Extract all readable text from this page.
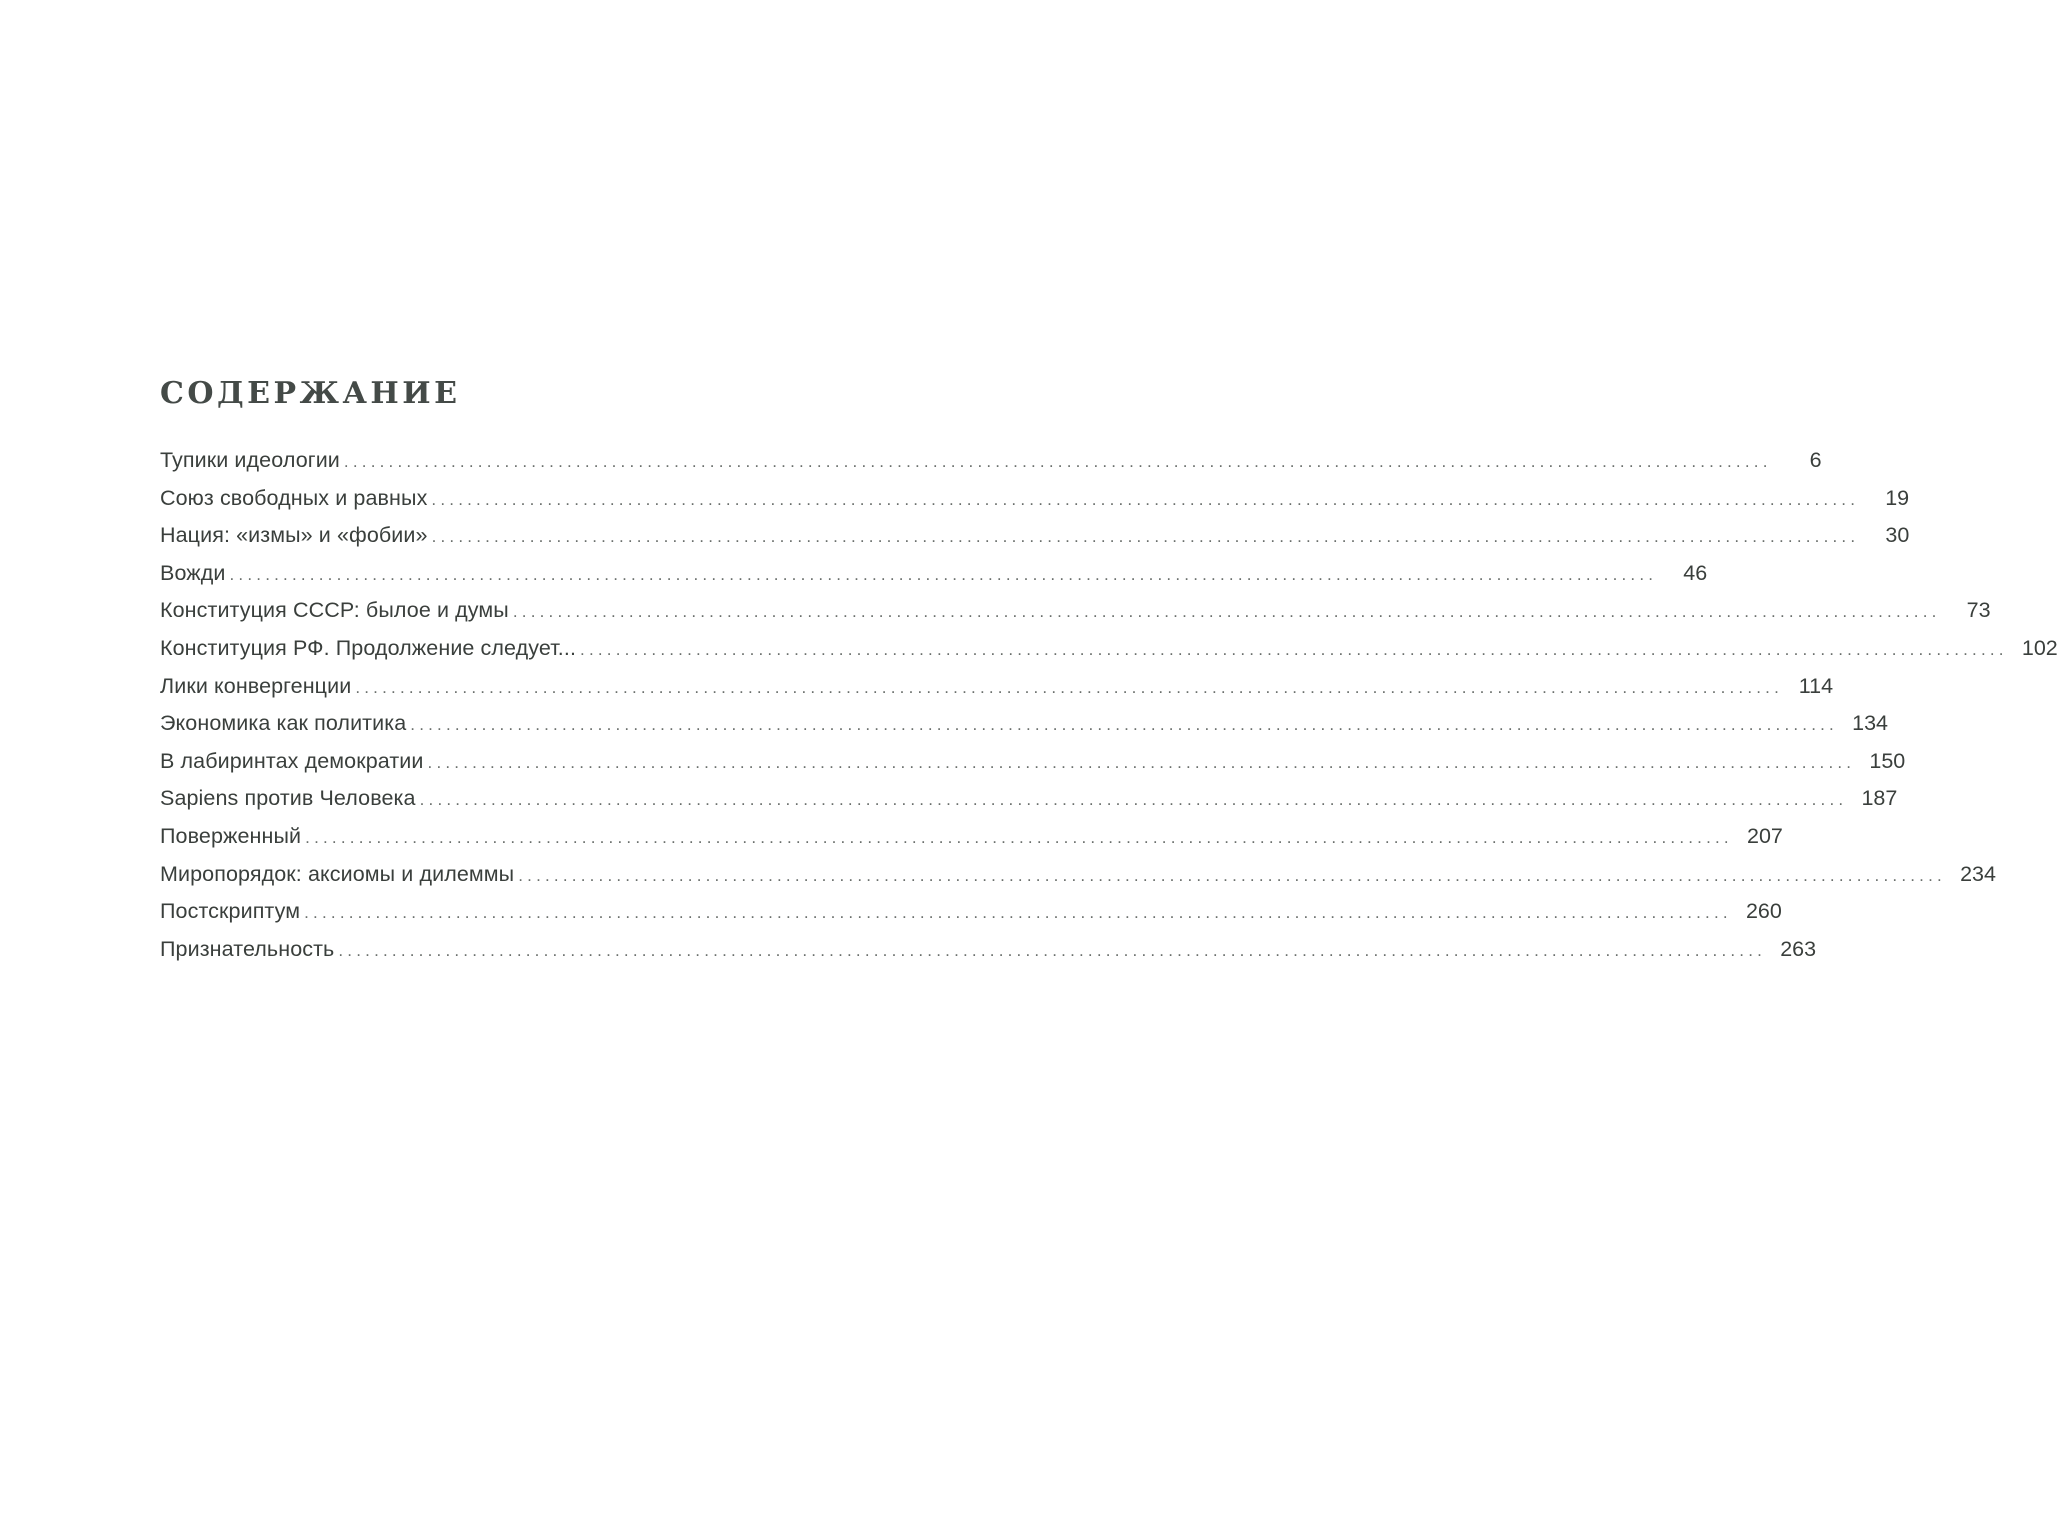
СОДЕРЖАНИЕ
Тупики идеологии ................................................................................................................................................................	6
Союз свободных и равных ................................................................................................................................................................	19
Нация: «измы» и «фобии» ................................................................................................................................................................	30
Вожди ................................................................................................................................................................	46
Конституция СССР: былое и думы ................................................................................................................................................................	73
Конституция РФ. Продолжение следует... ................................................................................................................................................................ 102
Лики конвергенции ................................................................................................................................................................ 114
Экономика как политика ................................................................................................................................................................ 134
В лабиринтах демократии ................................................................................................................................................................ 150
Sapiens против Человека ................................................................................................................................................................ 187
Поверженный ................................................................................................................................................................ 207
Миропорядок: аксиомы и дилеммы ................................................................................................................................................................ 234
Постскриптум ................................................................................................................................................................ 260
Признательность ................................................................................................................................................................ 263
